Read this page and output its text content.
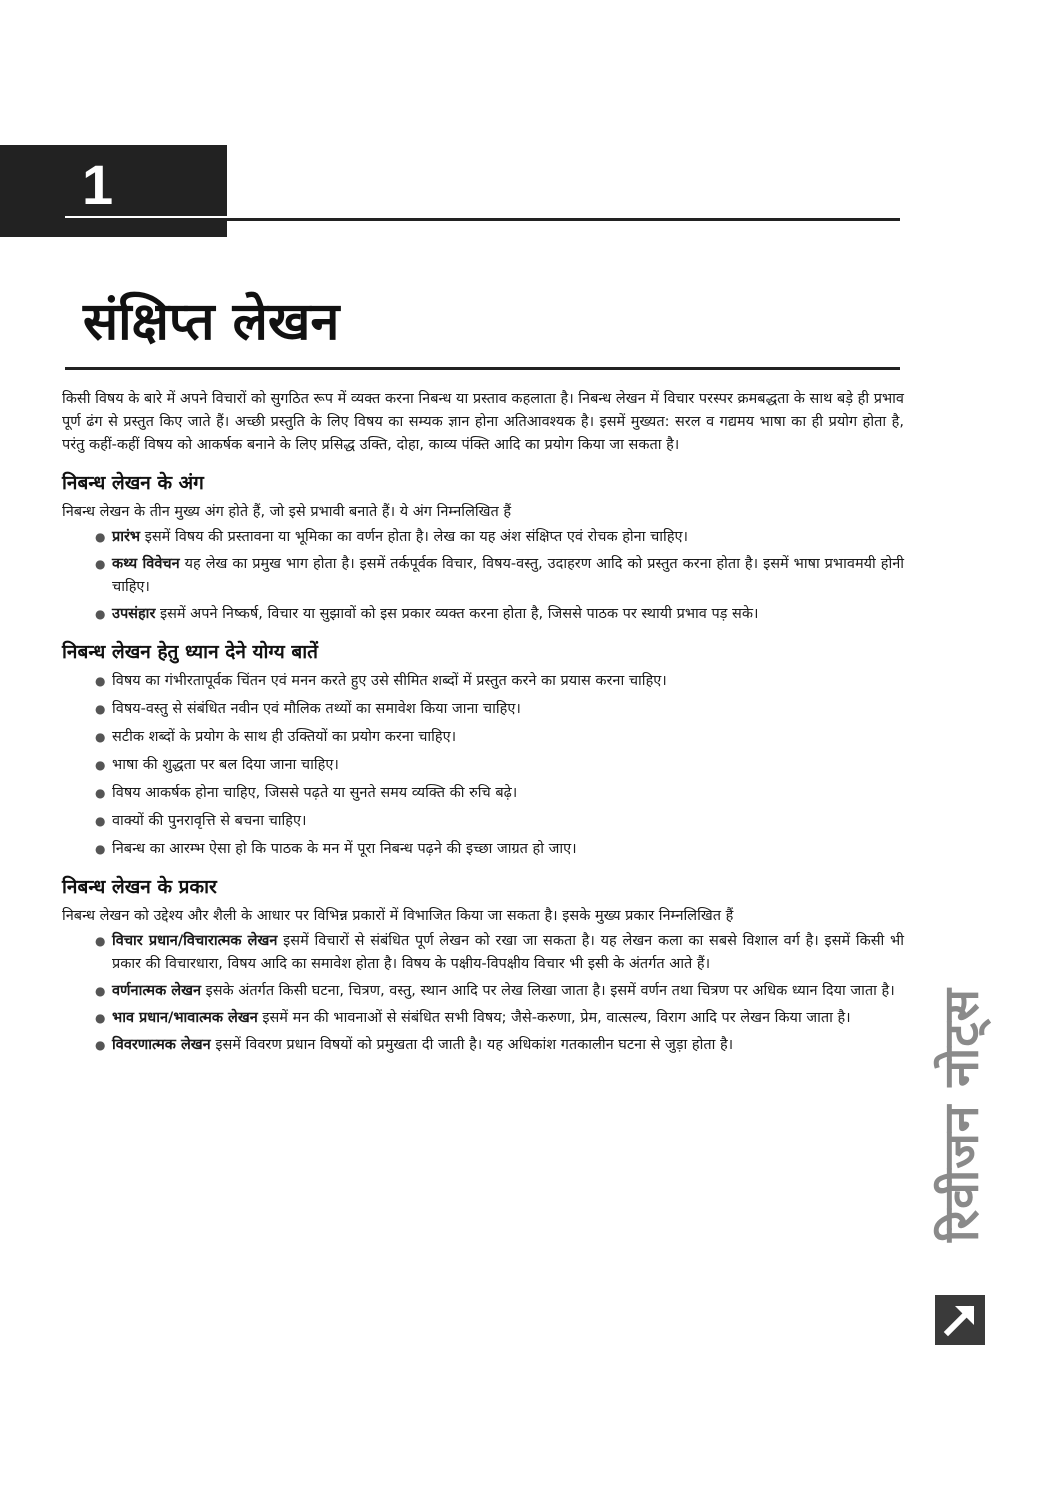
1
संक्षिप्त लेखन

किसी विषय के बारे में अपने विचारों को सुगठित रूप में व्यक्त करना निबन्ध या प्रस्ताव कहलाता है। निबन्ध लेखन में विचार परस्पर क्रमबद्धता के साथ बड़े ही प्रभाव पूर्ण ढंग से प्रस्तुत किए जाते हैं। अच्छी प्रस्तुति के लिए विषय का सम्यक ज्ञान होना अतिआवश्यक है। इसमें मुख्यत: सरल व गद्यमय भाषा का ही प्रयोग होता है, परंतु कहीं-कहीं विषय को आकर्षक बनाने के लिए प्रसिद्ध उक्ति, दोहा, काव्य पंक्ति आदि का प्रयोग किया जा सकता है।

निबन्ध लेखन के अंग

निबन्ध लेखन के तीन मुख्य अंग होते हैं, जो इसे प्रभावी बनाते हैं। ये अंग निम्नलिखित हैं

● प्रारंभ इसमें विषय की प्रस्तावना या भूमिका का वर्णन होता है। लेख का यह अंश संक्षिप्त एवं रोचक होना चाहिए।
● कथ्य विवेचन यह लेख का प्रमुख भाग होता है। इसमें तर्कपूर्वक विचार, विषय-वस्तु, उदाहरण आदि को प्रस्तुत करना होता है। इसमें भाषा प्रभावमयी होनी चाहिए।
● उपसंहार इसमें अपने निष्कर्ष, विचार या सुझावों को इस प्रकार व्यक्त करना होता है, जिससे पाठक पर स्थायी प्रभाव पड़ सके।
निबन्ध लेखन हेतु ध्यान देने योग्य बातें
● विषय का गंभीरतापूर्वक चिंतन एवं मनन करते हुए उसे सीमित शब्दों में प्रस्तुत करने का प्रयास करना चाहिए।
● विषय-वस्तु से संबंधित नवीन एवं मौलिक तथ्यों का समावेश किया जाना चाहिए।
● सटीक शब्दों के प्रयोग के साथ ही उक्तियों का प्रयोग करना चाहिए।
● भाषा की शुद्धता पर बल दिया जाना चाहिए।
● विषय आकर्षक होना चाहिए, जिससे पढ़ते या सुनते समय व्यक्ति की रुचि बढ़े।
● वाक्यों की पुनरावृत्ति से बचना चाहिए।
● निबन्ध का आरम्भ ऐसा हो कि पाठक के मन में पूरा निबन्ध पढ़ने की इच्छा जाग्रत हो जाए।
निबन्ध लेखन के प्रकार

निबन्ध लेखन को उद्देश्य और शैली के आधार पर विभिन्न प्रकारों में विभाजित किया जा सकता है। इसके मुख्य प्रकार निम्नलिखित हैं

● विचार प्रधान/विचारात्मक लेखन इसमें विचारों से संबंधित पूर्ण लेखन को रखा जा सकता है। यह लेखन कला का सबसे विशाल वर्ग है। इसमें किसी भी प्रकार की विचारधारा, विषय आदि का समावेश होता है। विषय के पक्षीय-विपक्षीय विचार भी इसी के अंतर्गत आते हैं।
● वर्णनात्मक लेखन इसके अंतर्गत किसी घटना, चित्रण, वस्तु, स्थान आदि पर लेख लिखा जाता है। इसमें वर्णन तथा चित्रण पर अधिक ध्यान दिया जाता है।
● भाव प्रधान/भावात्मक लेखन इसमें मन की भावनाओं से संबंधित सभी विषय; जैसे-करुणा, प्रेम, वात्सल्य, विराग आदि पर लेखन किया जाता है।
● विवरणात्मक लेखन इसमें विवरण प्रधान विषयों को प्रमुखता दी जाती है। यह अधिकांश गतकालीन घटना से जुड़ा होता है।	रिवीजन नोट्स
